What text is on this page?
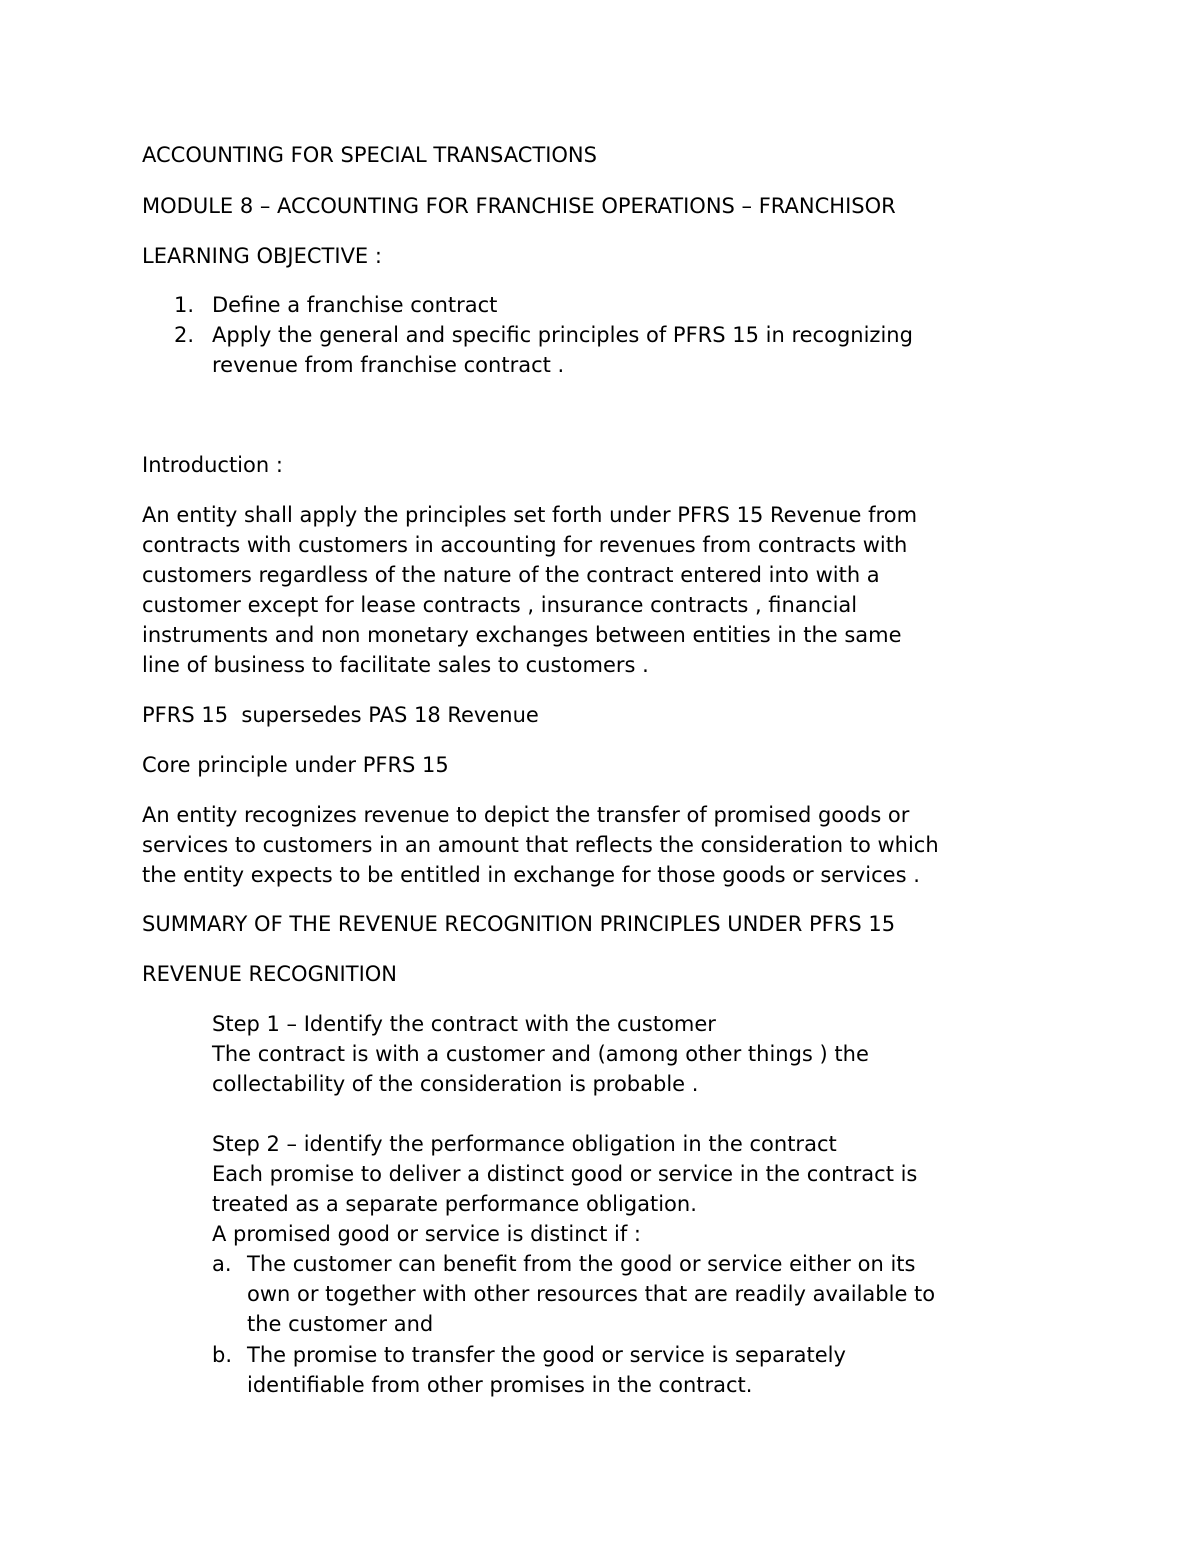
ACCOUNTING FOR SPECIAL TRANSACTIONS
MODULE 8 – ACCOUNTING FOR FRANCHISE OPERATIONS – FRANCHISOR
LEARNING OBJECTIVE :
1. Define a franchise contract
2. Apply the general and specific principles of PFRS 15 in recognizing
revenue from franchise contract .
Introduction :
An entity shall apply the principles set forth under PFRS 15 Revenue from
contracts with customers in accounting for revenues from contracts with
customers regardless of the nature of the contract entered into with a
customer except for lease contracts , insurance contracts , financial
instruments and non monetary exchanges between entities in the same
line of business to facilitate sales to customers .
PFRS 15  supersedes PAS 18 Revenue
Core principle under PFRS 15
An entity recognizes revenue to depict the transfer of promised goods or
services to customers in an amount that reflects the consideration to which
the entity expects to be entitled in exchange for those goods or services .
SUMMARY OF THE REVENUE RECOGNITION PRINCIPLES UNDER PFRS 15
REVENUE RECOGNITION
Step 1 – Identify the contract with the customer
The contract is with a customer and (among other things ) the
collectability of the consideration is probable .
Step 2 – identify the performance obligation in the contract
Each promise to deliver a distinct good or service in the contract is
treated as a separate performance obligation.
A promised good or service is distinct if :
a. The customer can benefit from the good or service either on its
own or together with other resources that are readily available to
the customer and
b. The promise to transfer the good or service is separately
identifiable from other promises in the contract.
